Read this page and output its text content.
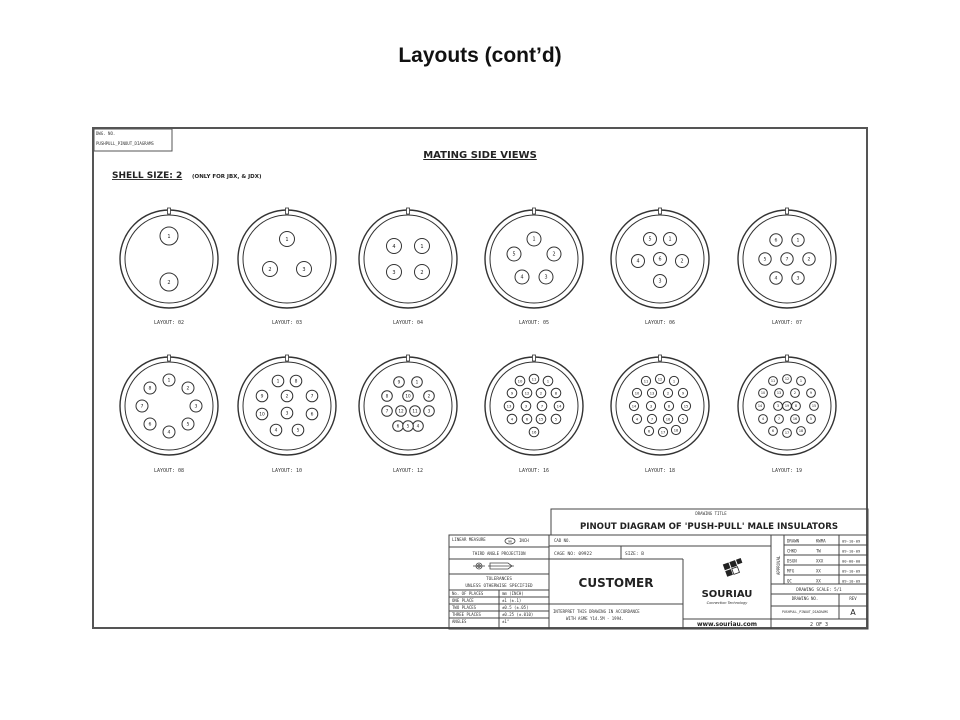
Layouts (cont’d)
DWG. NO.
PUSHPULL_PINOUT_DIAGRAMS
MATING SIDE VIEWS
SHELL SIZE: 2 (ONLY FOR JBX, & JDX)
1
2
LAYOUT: 02
1
2	3
LAYOUT: 03
4	1
3	2
LAYOUT: 04
1
5	2
4	3
LAYOUT: 05
5	1
4	6	2
3
LAYOUT: 06
6	1
5	7	2
4	3
LAYOUT: 07
1
8	2
7	3
6
4
5
LAYOUT: 08
1	8
9	2	7
10	3	6
4	5
LAYOUT: 10
9	1
8	10	2
7 12 11 3
6	4
5
LAYOUT: 12
10 11	1
9	12	2	8
13	3	7	14
4	6	15	5
16
LAYOUT: 16
11	12	1
10	13	2	9
14	3	8	15
4	7	16	5
6	17 18
LAYOUT: 18
11	12	1
10	13	2	9
14	3	8	15
4	7	16	5
6	17	18
19
LAYOUT: 19
DRAWING TITLE
PINOUT DIAGRAM OF 'PUSH-PULL' MALE INSULATORS
CAD NO.
LINEAR MEASURE	mm INCH
THIRD ANGLE PROJECTION
TOLERANCES
UNLESS OTHERWISE SPECIFIED
No. OF PLACES	mm (INCH)
ONE PLACE	±1 (±.1)
TWO PLACES	±0.5 (±.05)
THREE PLACES	±0.25 (±.010)
ANGLES	±1°
CAGE NO: 09922	SIZE: B
CUSTOMER
INTERPRET THIS DRAWING IN ACCORDANCE
WITH ASME Y14.5M - 1994.
SOURIAU
Connection Technology
www.souriau.com
APPROVAL
DRAWN	KWMA	09-10-09
CHKD	TW	09-10-09
DSGN	XXX	00-00-00
MFG	XX	09-10-09
QC	XX	09-10-09
DRAWING SCALE: 5/1
DRAWING NO.	REV
PUSHPULL_PINOUT_DIAGRAMS	A
2 OF 3
